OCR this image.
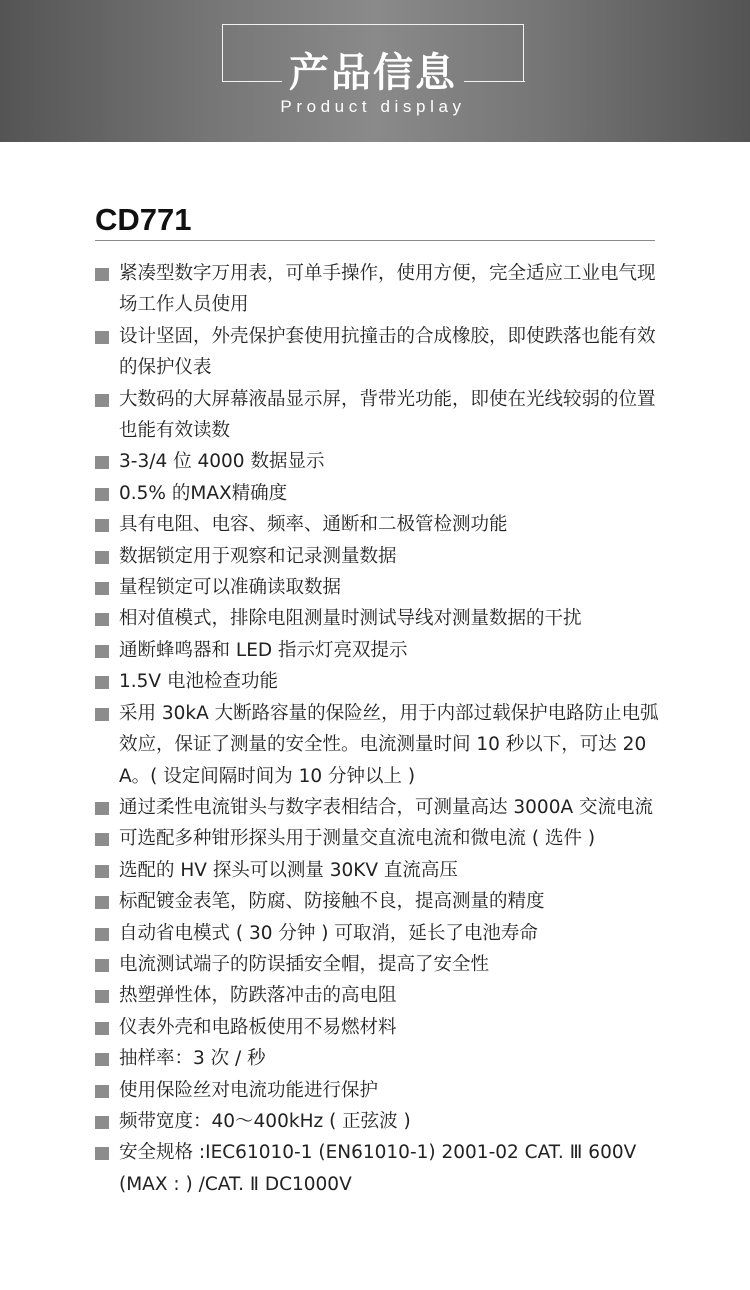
产品信息
Product display
CD771
紧凑型数字万用表，可单手操作，使用方便，完全适应工业电气现场工作人员使用
设计坚固，外壳保护套使用抗撞击的合成橡胶，即使跌落也能有效的保护仪表
大数码的大屏幕液晶显示屏，背带光功能，即使在光线较弱的位置也能有效读数
3-3/4 位 4000 数据显示
0.5% 的MAX精确度
具有电阻、电容、频率、通断和二极管检测功能
数据锁定用于观察和记录测量数据
量程锁定可以准确读取数据
相对值模式，排除电阻测量时测试导线对测量数据的干扰
通断蜂鸣器和 LED 指示灯亮双提示
1.5V 电池检查功能
采用 30kA 大断路容量的保险丝，用于内部过载保护电路防止电弧效应，保证了测量的安全性。电流测量时间 10 秒以下，可达 20A。( 设定间隔时间为 10 分钟以上 )
通过柔性电流钳头与数字表相结合，可测量高达 3000A 交流电流
可选配多种钳形探头用于测量交直流电流和微电流 ( 选件 )
选配的 HV 探头可以测量 30KV 直流高压
标配镀金表笔，防腐、防接触不良，提高测量的精度
自动省电模式 ( 30 分钟 ) 可取消，延长了电池寿命
电流测试端子的防误插安全帽，提高了安全性
热塑弹性体，防跌落冲击的高电阻
仪表外壳和电路板使用不易燃材料
抽样率：3 次 / 秒
使用保险丝对电流功能进行保护
频带宽度：40～400kHz ( 正弦波 )
安全规格 :IEC61010-1 (EN61010-1) 2001-02 CAT. Ⅲ 600V (MAX : ) /CAT. Ⅱ DC1000V
